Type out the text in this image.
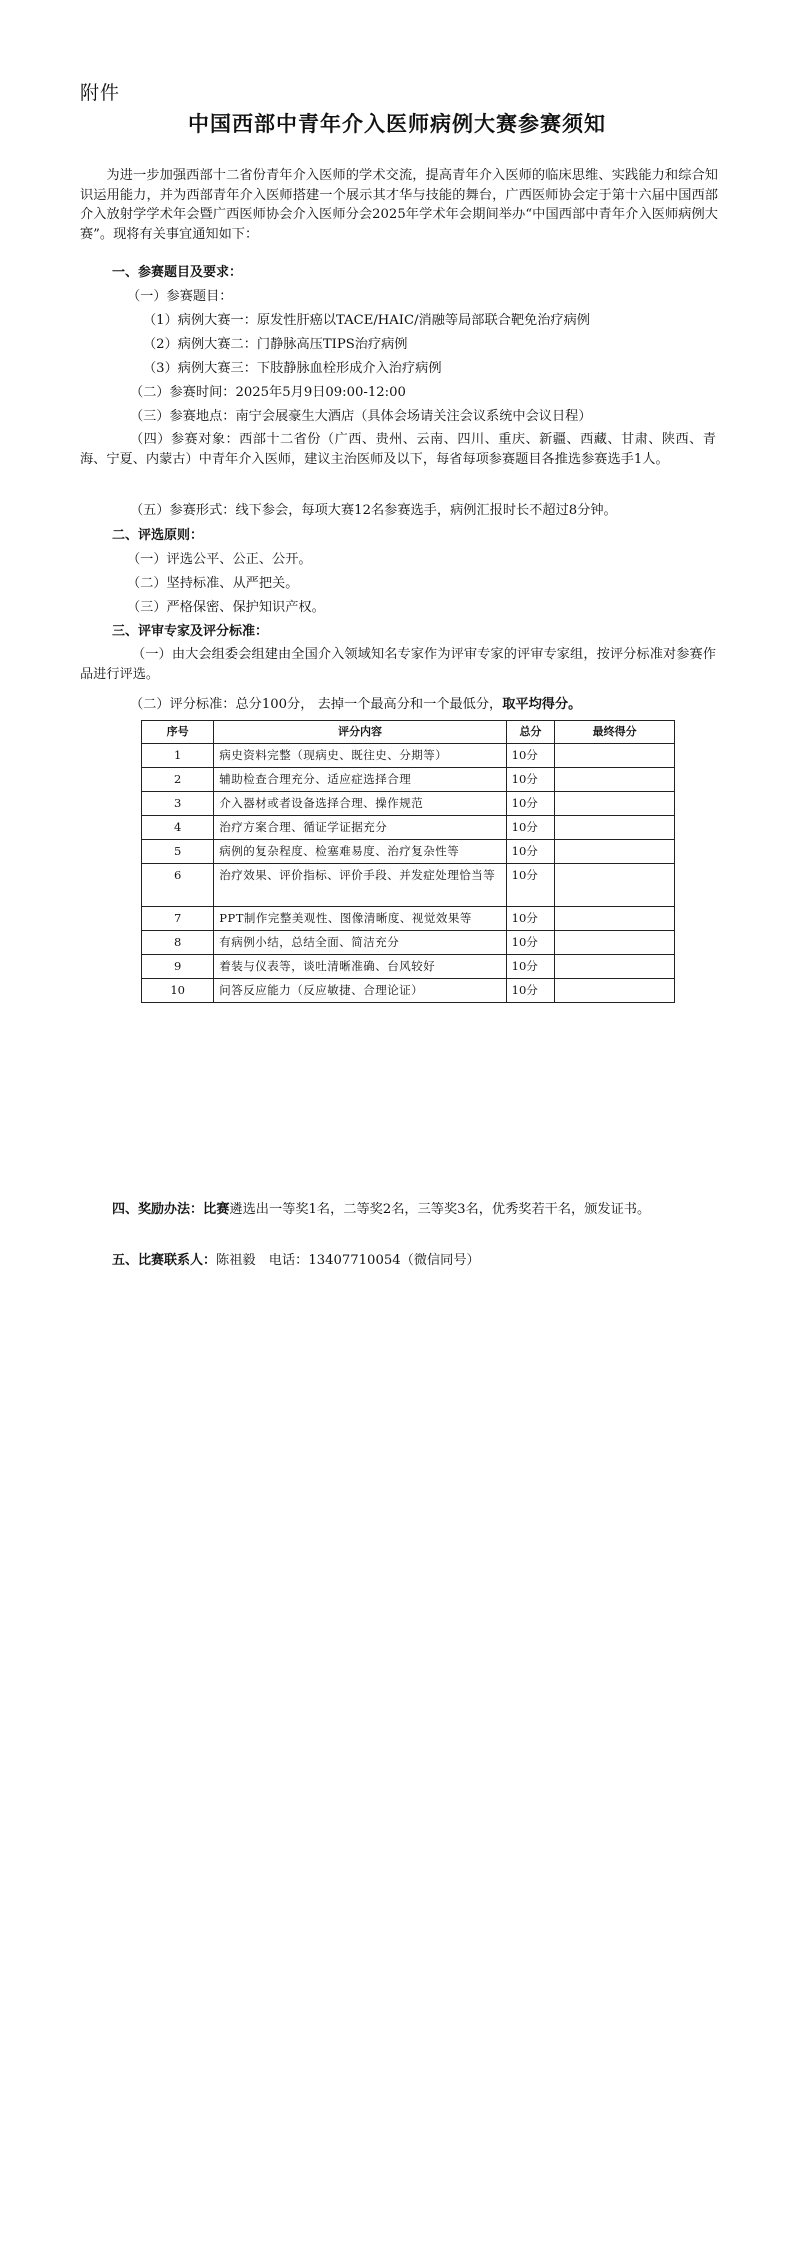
附件
中国西部中青年介入医师病例大赛参赛须知
为进一步加强西部十二省份青年介入医师的学术交流，提高青年介入医师的临床思维、实践能力和综合知识运用能力，并为西部青年介入医师搭建一个展示其才华与技能的舞台，广西医师协会定于第十六届中国西部介入放射学学术年会暨广西医师协会介入医师分会2025年学术年会期间举办“中国西部中青年介入医师病例大赛”。现将有关事宜通知如下：
一、参赛题目及要求：
（一）参赛题目：
（1）病例大赛一：原发性肝癌以TACE/HAIC/消融等局部联合靶免治疗病例
（2）病例大赛二：门静脉高压TIPS治疗病例
（3）病例大赛三：下肢静脉血栓形成介入治疗病例
（二）参赛时间：2025年5月9日09:00-12:00
（三）参赛地点：南宁会展豪生大酒店（具体会场请关注会议系统中会议日程）
（四）参赛对象：西部十二省份（广西、贵州、云南、四川、重庆、新疆、西藏、甘肃、陕西、青海、宁夏、内蒙古）中青年介入医师，建议主治医师及以下，每省每项参赛题目各推选参赛选手1人。
（五）参赛形式：线下参会，每项大赛12名参赛选手，病例汇报时长不超过8分钟。
二、评选原则：
（一）评选公平、公正、公开。
（二）坚持标准、从严把关。
（三）严格保密、保护知识产权。
三、评审专家及评分标准：
（一）由大会组委会组建由全国介入领域知名专家作为评审专家的评审专家组，按评分标准对参赛作品进行评选。
（二）评分标准：总分100分， 去掉一个最高分和一个最低分，取平均得分。
序号	评分内容	总分	最终得分
1	病史资料完整（现病史、既往史、分期等）	10分	
2	辅助检查合理充分、适应症选择合理	10分	
3	介入器材或者设备选择合理、操作规范	10分	
4	治疗方案合理、循证学证据充分	10分	
5	病例的复杂程度、检塞难易度、治疗复杂性等	10分	
6	治疗效果、评价指标、评价手段、并发症处理恰当等	10分	
7	PPT制作完整美观性、图像清晰度、视觉效果等	10分	
8	有病例小结，总结全面、简洁充分	10分	
9	着装与仪表等，谈吐清晰准确、台风较好	10分	
10	问答反应能力（反应敏捷、合理论证）	10分	
四、奖励办法：比赛遴选出一等奖1名，二等奖2名，三等奖3名，优秀奖若干名，颁发证书。
五、比赛联系人：陈祖毅　电话：13407710054（微信同号）
